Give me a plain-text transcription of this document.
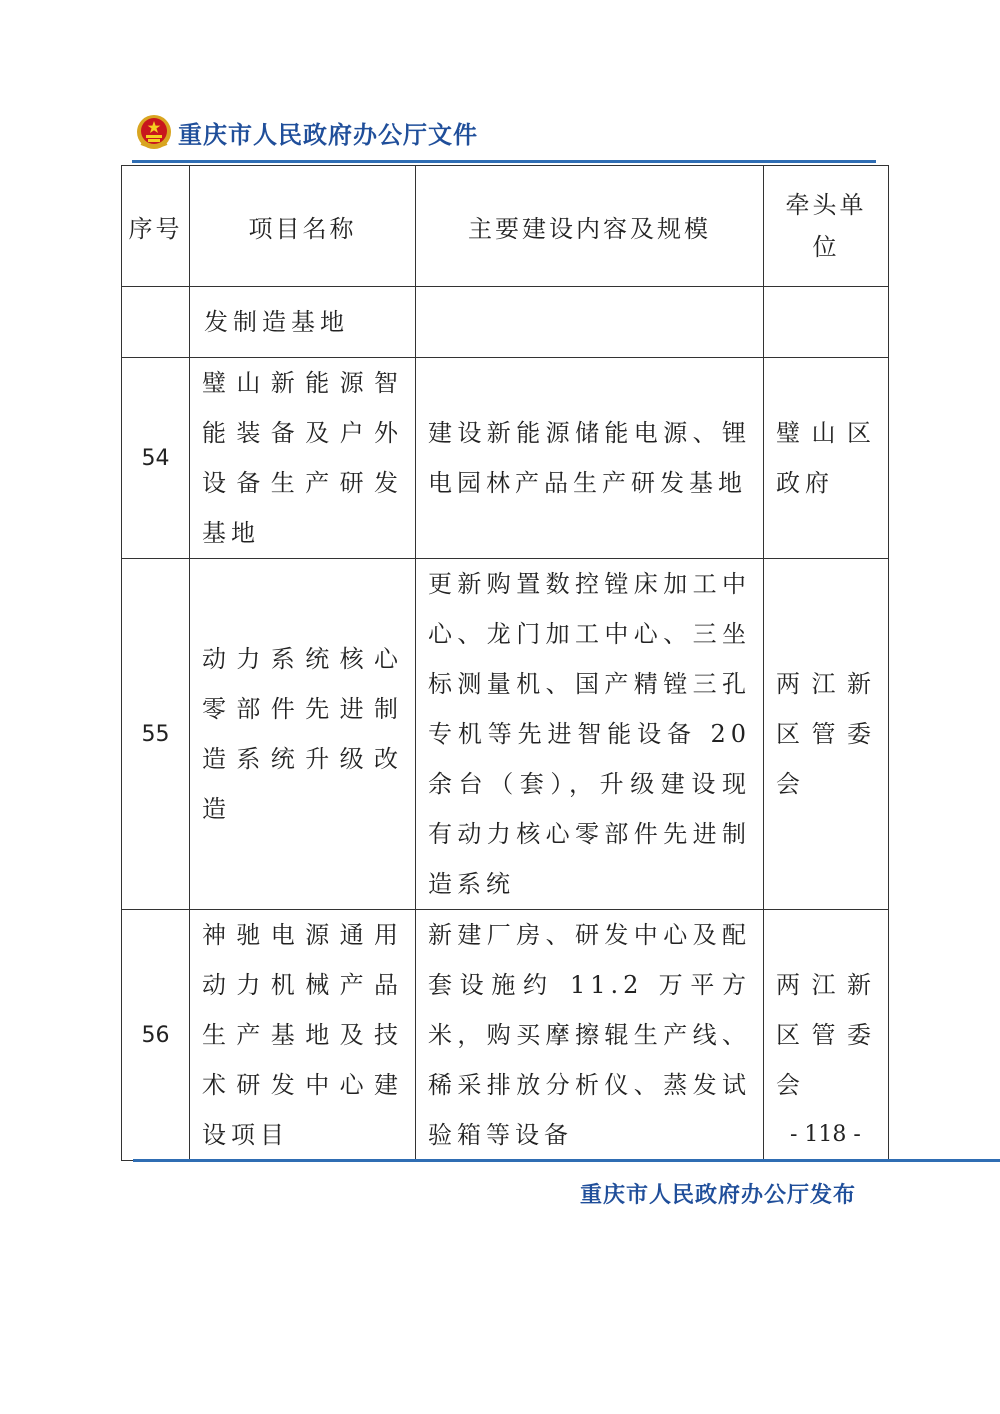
重庆市人民政府办公厅文件
序号	项目名称	主要建设内容及规模	牵头单位

	发制造基地		
54	璧山新能源智能装备及户外设备生产研发基地	建设新能源储能电源、锂电园林产品生产研发基地	璧山区政府
55	动力系统核心零部件先进制造系统升级改造	更新购置数控镗床加工中心、龙门加工中心、三坐标测量机、国产精镗三孔专机等先进智能设备 20 余台（套），升级建设现有动力核心零部件先进制造系统	两江新区管委会
56	神驰电源通用动力机械产品生产基地及技术研发中心建设项目	新建厂房、研发中心及配套设施约 11.2 万平方米，购买摩擦辊生产线、稀采排放分析仪、蒸发试验箱等设备	两江新区管委会
- 118 -
重庆市人民政府办公厅发布
